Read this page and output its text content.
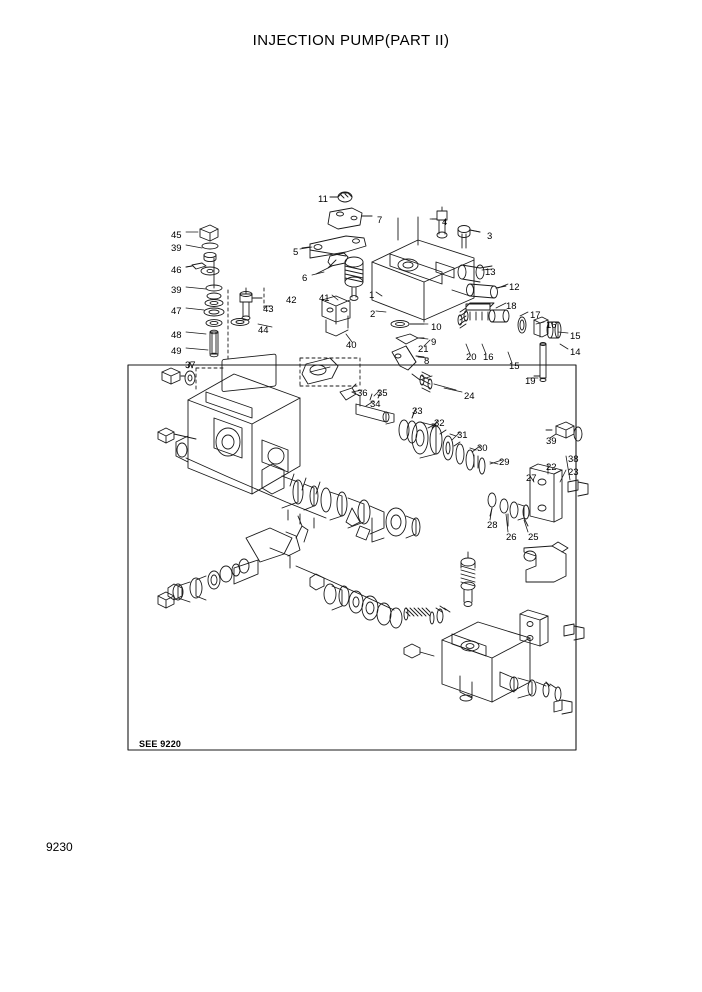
INJECTION PUMP(PART II)
SEE 9220
9230
11
7	4
3
45
39	5
46
6
13
39	12
42 41	1
18
47	43	2	17
44	10	16
48
40	9
15
49	21
20 16	14
8	15
37
19
36 35	24
34
33
32
39
31
30
38
29	22 23
27
28
26 25
